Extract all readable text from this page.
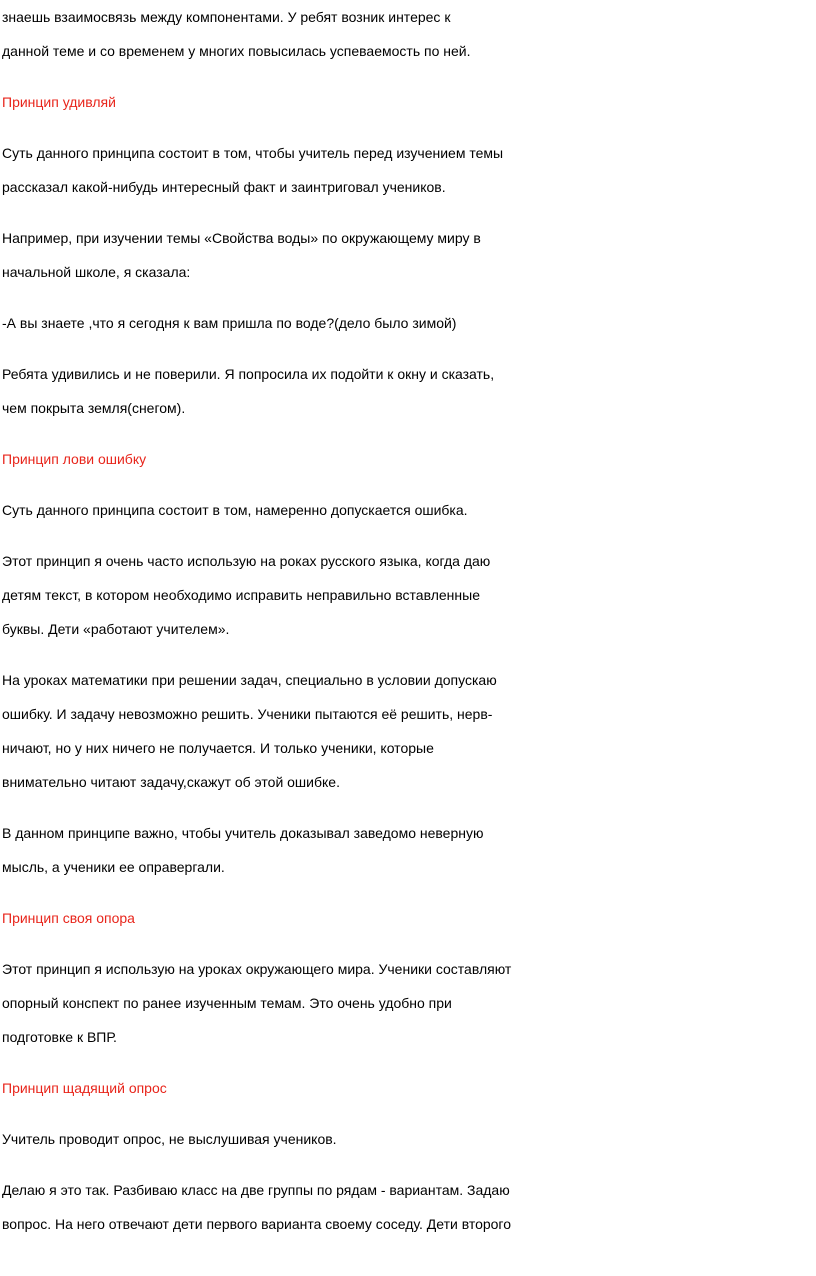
знаешь взаимосвязь между компонентами. У ребят возник интерес к
данной теме и со временем у многих повысилась успеваемость по ней.
Принцип удивляй
Суть данного принципа состоит в том, чтобы учитель перед изучением темы
рассказал какой-нибудь интересный факт и заинтриговал учеников.
Например, при изучении темы «Свойства воды» по окружающему миру в
начальной школе, я сказала:
-А вы знаете ,что я сегодня к вам пришла по воде?(дело было зимой)
Ребята удивились и не поверили. Я попросила их подойти к окну и сказать,
чем покрыта земля(снегом).
Принцип лови ошибку
Суть данного принципа состоит в том, намеренно допускается ошибка.
Этот принцип я очень часто использую на роках русского языка, когда даю
детям текст, в котором необходимо исправить неправильно вставленные
буквы. Дети «работают учителем».
На уроках математики при решении задач, специально в условии допускаю
ошибку. И задачу невозможно решить. Ученики пытаются её решить, нерв-
ничают, но у них ничего не получается. И только ученики, которые
внимательно читают задачу,скажут об этой ошибке.
В данном принципе важно, чтобы учитель доказывал заведомо неверную
мысль, а ученики ее оправергали.
Принцип своя опора
Этот принцип я использую на уроках окружающего мира. Ученики составляют
опорный конспект по ранее изученным темам. Это очень удобно при
подготовке к ВПР.
Принцип щадящий опрос
Учитель проводит опрос, не выслушивая учеников.
Делаю я это так. Разбиваю класс на две группы по рядам - вариантам. Задаю
вопрос. На него отвечают дети первого варианта своему соседу. Дети второго
